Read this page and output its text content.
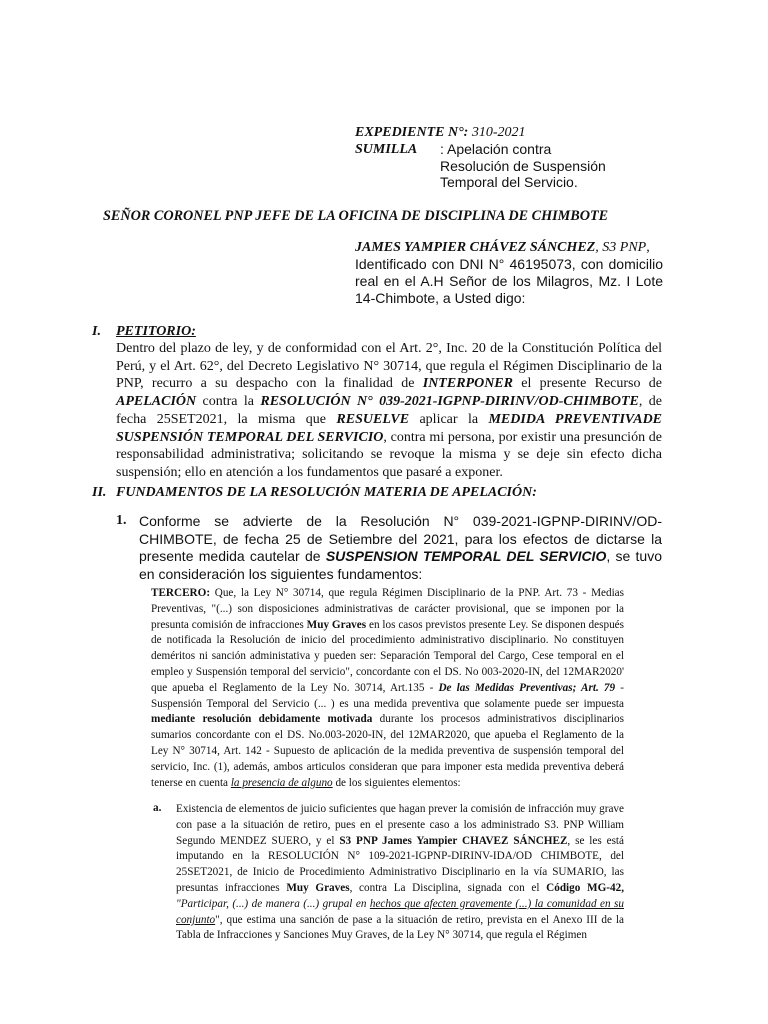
EXPEDIENTE N°:
310-2021
SUMILLA	: Apelación contra Resolución de Suspensión Temporal del Servicio.
SEÑOR CORONEL PNP JEFE DE LA OFICINA DE DISCIPLINA DE CHIMBOTE

JAMES YAMPIER CHÁVEZ SÁNCHEZ, S3 PNP,

Identificado con DNI N° 46195073, con domicilio real en el A.H Señor de los Milagros, Mz. I Lote 14-Chimbote, a Usted digo:

I. PETITORIO:
Dentro del plazo de ley, y de conformidad con el Art. 2°, Inc. 20 de la Constitución Política del Perú, y el Art. 62°, del Decreto Legislativo N° 30714, que regula el Régimen Disciplinario de la PNP, recurro a su despacho con la finalidad de INTERPONER el presente Recurso de APELACIÓN contra la RESOLUCIÓN N° 039-2021-IGPNP-DIRINV/OD-CHIMBOTE, de fecha 25SET2021, la misma que RESUELVE aplicar la MEDIDA PREVENTIVADE SUSPENSIÓN TEMPORAL DEL SERVICIO, contra mi persona, por existir una presunción de responsabilidad administrativa; solicitando se revoque la misma y se deje sin efecto dicha suspensión; ello en atención a los fundamentos que pasaré a exponer.
II. FUNDAMENTOS DE LA RESOLUCIÓN MATERIA DE APELACIÓN:
1. Conforme se advierte de la Resolución N° 039-2021-IGPNP-DIRINV/OD-CHIMBOTE, de fecha 25 de Setiembre del 2021, para los efectos de dictarse la presente medida cautelar de SUSPENSION TEMPORAL DEL SERVICIO, se tuvo en consideración los siguientes fundamentos:
TERCERO: Que, la Ley N° 30714, que regula Régimen Disciplinario de la PNP. Art. 73 - Medias Preventivas, "(...) son disposiciones administrativas de carácter provisional, que se imponen por la presunta comisión de infracciones Muy Graves en los casos previstos presente Ley. Se disponen después de notificada la Resolución de inicio del procedimiento administrativo disciplinario. No constituyen deméritos ni sanción administativa y pueden ser: Separación Temporal del Cargo, Cese temporal en el empleo y Suspensión temporal del servicio", concordante con el DS. No 003-2020-IN, del 12MAR2020' que apueba el Reglamento de la Ley No. 30714, Art.135 - De las Medidas Preventivas; Art. 79 - Suspensión Temporal del Servicio (... ) es una medida preventiva que solamente puede ser impuesta mediante resolución debidamente motivada durante los procesos administrativos disciplinarios sumarios concordante con el DS. No.003-2020-IN, del 12MAR2020, que apueba el Reglamento de la Ley N° 30714, Art. 142 - Supuesto de aplicación de la medida preventiva de suspensión temporal del servicio, Inc. (1), además, ambos articulos consideran que para imponer esta medida preventiva deberá tenerse en cuenta la presencia de alguno de los siguientes elementos:
a. Existencia de elementos de juicio suficientes que hagan prever la comisión de infracción muy grave con pase a la situación de retiro, pues en el presente caso a los administrado S3. PNP William Segundo MENDEZ SUERO, y el S3 PNP James Yampier CHAVEZ SÁNCHEZ, se les está imputando en la RESOLUCIÓN N° 109-2021-IGPNP-DIRINV-IDA/OD CHIMBOTE, del 25SET2021, de Inicio de Procedimiento Administrativo Disciplinario en la vía SUMARIO, las presuntas infracciones Muy Graves, contra La Disciplina, signada con el Código MG-42, "Participar, (...) de manera (...) grupal en hechos que afecten gravemente (...) la comunidad en su conjunto", que estima una sanción de pase a la situación de retiro, prevista en el Anexo III de la Tabla de Infracciones y Sanciones Muy Graves, de la Ley N° 30714, que regula el Régimen
